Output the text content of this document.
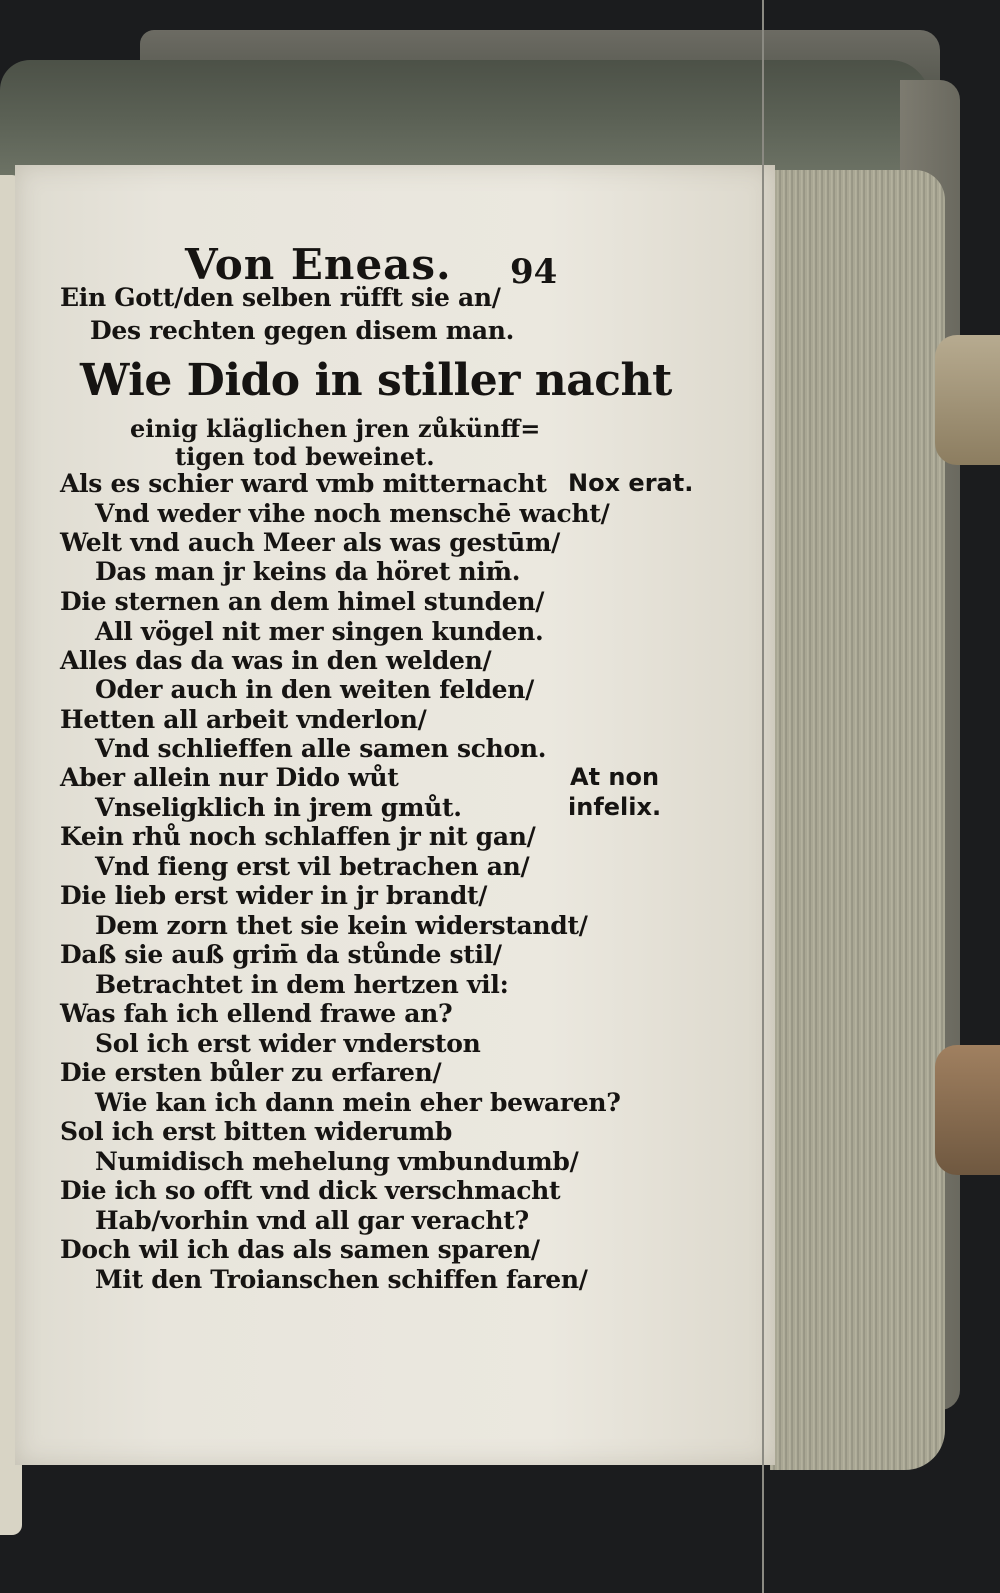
Von Eneas. 94
Ein Gott/den selben rüfft sie an/
Des rechten gegen disem man.
Wie Dido in stiller nacht
einig kläglichen jren zůkünff=
tigen tod beweinet.
Als es schier ward vmb mitternacht
Vnd weder vihe noch menschē wacht/
Welt vnd auch Meer als was gestūm/
Das man jr keins da höret nim̄.
Die sternen an dem himel stunden/
All vögel nit mer singen kunden.
Alles das da was in den welden/
Oder auch in den weiten felden/
Hetten all arbeit vnderlon/
Vnd schlieffen alle samen schon.
Aber allein nur Dido wůt
Vnseligklich in jrem gmůt.
Kein rhů noch schlaffen jr nit gan/
Vnd fieng erst vil betrachen an/
Die lieb erst wider in jr brandt/
Dem zorn thet sie kein widerstandt/
Daß sie auß grim̄ da stůnde stil/
Betrachtet in dem hertzen vil:
Was fah ich ellend frawe an?
Sol ich erst wider vnderston
Die ersten bůler zu erfaren/
Wie kan ich dann mein eher bewaren?
Sol ich erst bitten widerumb
Numidisch mehelung vmbundumb/
Die ich so offt vnd dick verschmacht
Hab/vorhin vnd all gar veracht?
Doch wil ich das als samen sparen/
Mit den Troianschen schiffen faren/
Nox erat.
At non
infelix.
